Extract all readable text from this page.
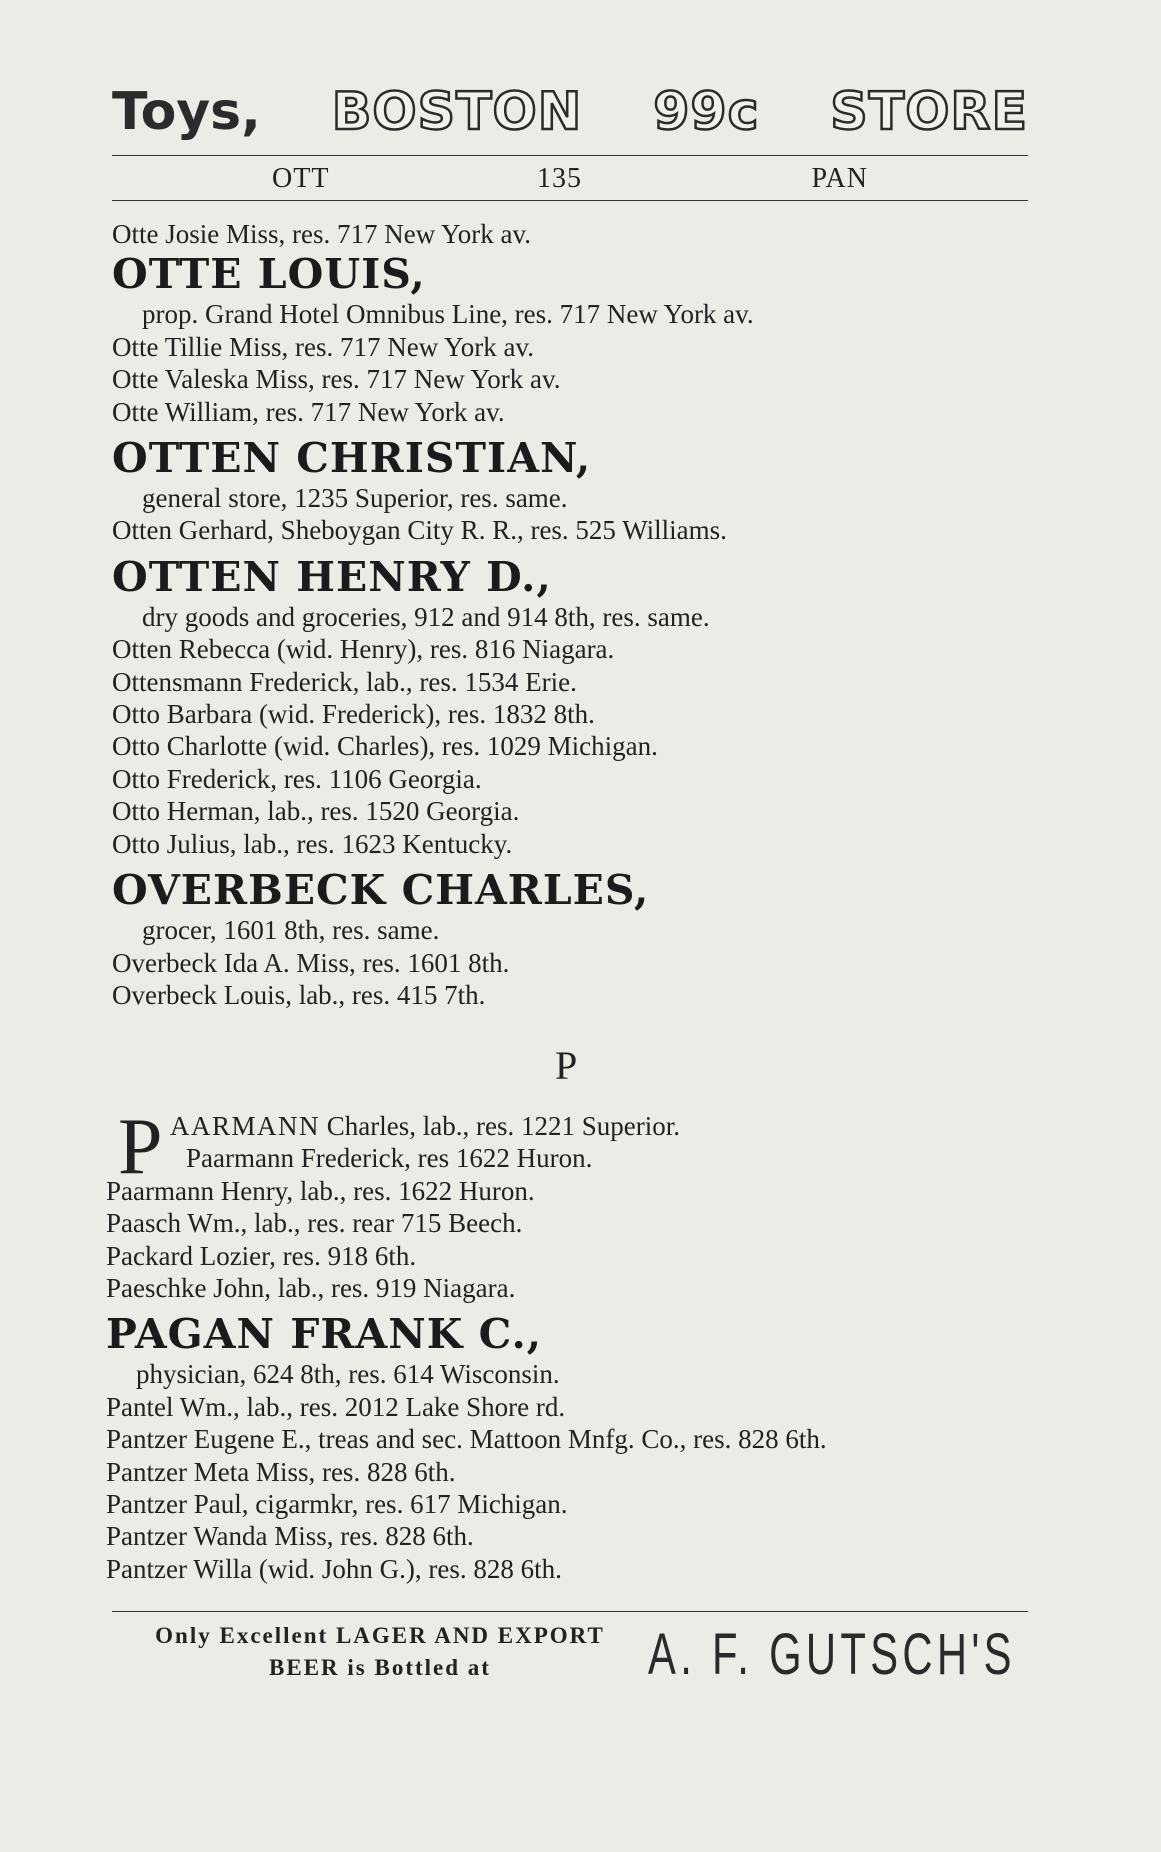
Toys, BOSTON 99c STORE
OTT	135	PAN
Otte Josie Miss, res. 717 New York av.
OTTE LOUIS,
prop. Grand Hotel Omnibus Line, res. 717 New York av.
Otte Tillie Miss, res. 717 New York av.
Otte Valeska Miss, res. 717 New York av.
Otte William, res. 717 New York av.
OTTEN CHRISTIAN,
general store, 1235 Superior, res. same.
Otten Gerhard, Sheboygan City R. R., res. 525 Williams.
OTTEN HENRY D.,
dry goods and groceries, 912 and 914 8th, res. same.
Otten Rebecca (wid. Henry), res. 816 Niagara.
Ottensmann Frederick, lab., res. 1534 Erie.
Otto Barbara (wid. Frederick), res. 1832 8th.
Otto Charlotte (wid. Charles), res. 1029 Michigan.
Otto Frederick, res. 1106 Georgia.
Otto Herman, lab., res. 1520 Georgia.
Otto Julius, lab., res. 1623 Kentucky.
OVERBECK CHARLES,
grocer, 1601 8th, res. same.
Overbeck Ida A. Miss, res. 1601 8th.
Overbeck Louis, lab., res. 415 7th.
P
P AARMANN Charles, lab., res. 1221 Superior.
Paarmann Frederick, res 1622 Huron.
Paarmann Henry, lab., res. 1622 Huron.
Paasch Wm., lab., res. rear 715 Beech.
Packard Lozier, res. 918 6th.
Paeschke John, lab., res. 919 Niagara.
PAGAN FRANK C.,
physician, 624 8th, res. 614 Wisconsin.
Pantel Wm., lab., res. 2012 Lake Shore rd.
Pantzer Eugene E., treas and sec. Mattoon Mnfg. Co., res. 828 6th.
Pantzer Meta Miss, res. 828 6th.
Pantzer Paul, cigarmkr, res. 617 Michigan.
Pantzer Wanda Miss, res. 828 6th.
Pantzer Willa (wid. John G.), res. 828 6th.
Only Excellent LAGER AND EXPORT
BEER is Bottled at	A. F. GUTSCH'S
